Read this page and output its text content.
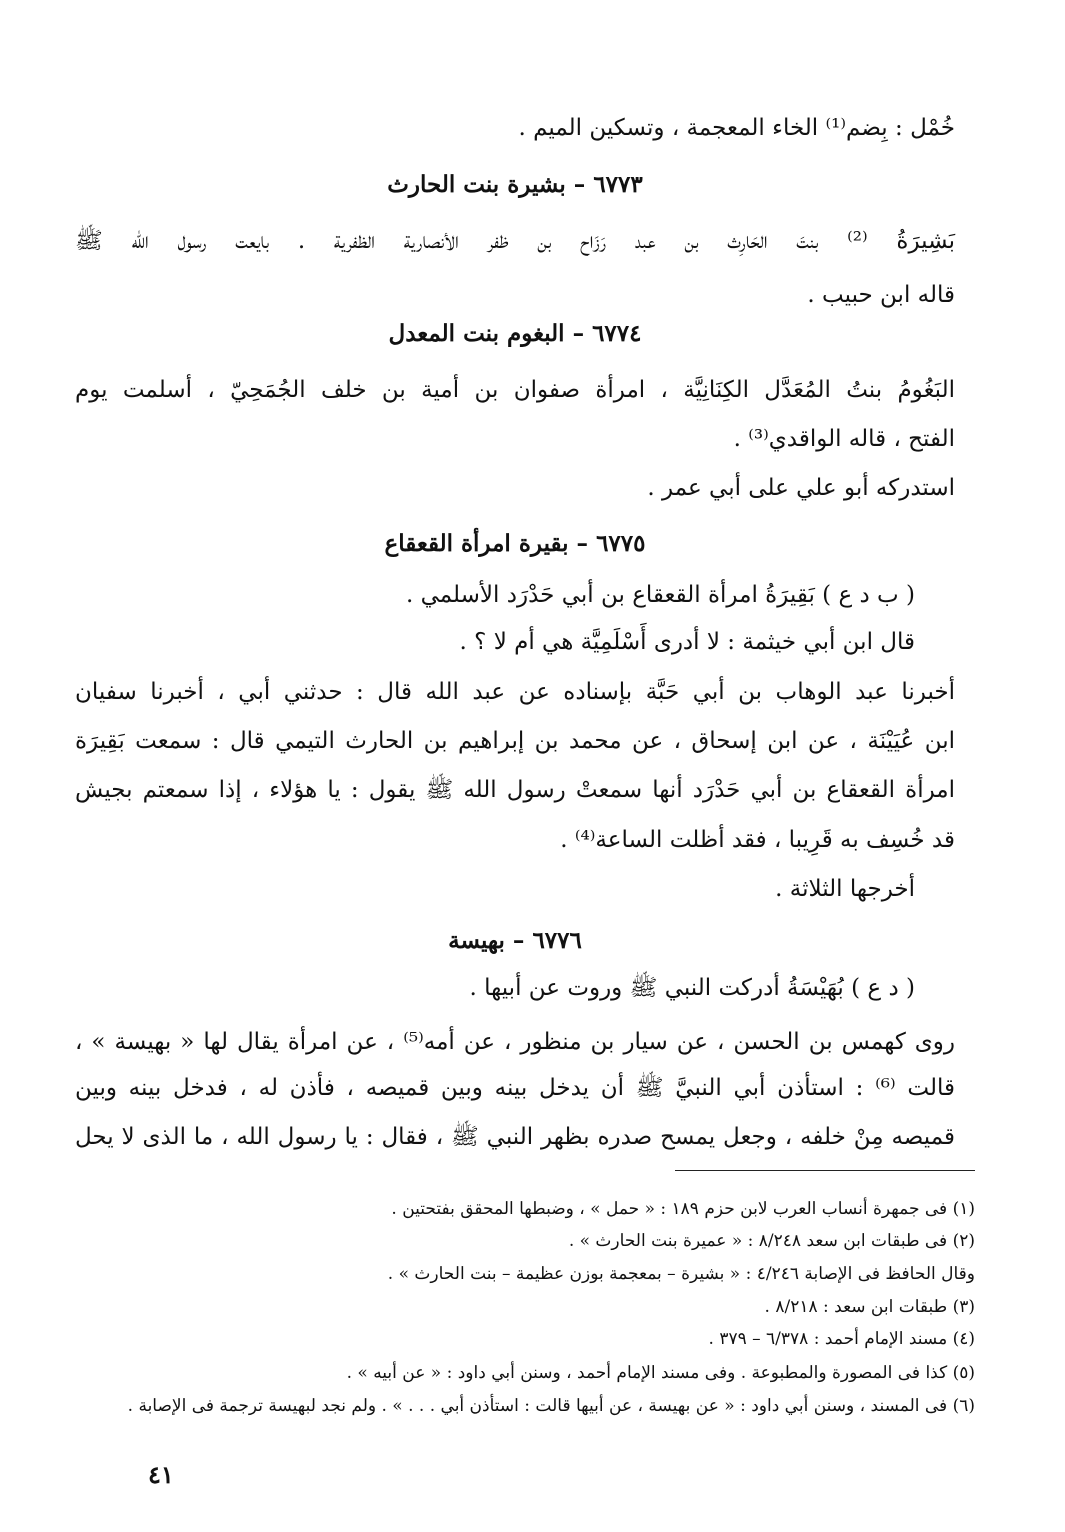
خُمْل : بِضم⁽¹⁾ الخاء المعجمة ، وتسكين الميم .
٦٧٧٣ – بشيرة بنت الحارث
بَشِيرَةُ ⁽²⁾ بنتَ الحَارِث بن عبد رَزَاح بن ظفر الأنصارية الظفرية . بايعت رسول الله ﷺ
قاله ابن حبيب .
٦٧٧٤ – البغوم بنت المعدل
البَغُومُ بنتُ المُعَدَّل الكِنَانِيَّة ، امرأة صفوان بن أمية بن خلف الجُمَحِيّ ، أسلمت يوم
الفتح ، قاله الواقدي⁽³⁾ .
استدركه أبو علي على أبي عمر .
٦٧٧٥ – بقيرة امرأة القعقاع
( ب د ع ) بَقِيرَةُ امرأة القعقاع بن أبي حَدْرَد الأسلمي .
قال ابن أبي خيثمة : لا أدرى أَسْلَمِيَّة هي أم لا ؟ .
أخبرنا عبد الوهاب بن أبي حَبَّة بإسناده عن عبد الله قال : حدثني أبي ، أخبرنا سفيان
ابن عُيَيْنَة ، عن ابن إسحاق ، عن محمد بن إبراهيم بن الحارث التيمي قال : سمعت بَقِيرَة
امرأة القعقاع بن أبي حَدْرَد أنها سمعتْ رسول الله ﷺ يقول : يا هؤلاء ، إذا سمعتم بجيش
قد خُسِف به قَرِيبا ، فقد أظلت الساعة⁽⁴⁾ .
أخرجها الثلاثة .
٦٧٧٦ – بهيسة
( د ع ) بُهَيْسَةُ أدركت النبي ﷺ وروت عن أبيها .
روى كهمس بن الحسن ، عن سيار بن منظور ، عن أمه⁽⁵⁾ ، عن امرأة يقال لها « بهيسة » ،
قالت ⁽⁶⁾ : استأذن أبي النبيَّ ﷺ أن يدخل بينه وبين قميصه ، فأذن له ، فدخل بينه وبين
قميصه مِنْ خلفه ، وجعل يمسح صدره بظهر النبي ﷺ ، فقال : يا رسول الله ، ما الذى لا يحل
(١) فى جمهرة أنساب العرب لابن حزم ١٨٩ : « حمل » ، وضبطها المحقق بفتحتين .
(٢) فى طبقات ابن سعد ٨/٢٤٨ : « عميرة بنت الحارث » .
وقال الحافظ فى الإصابة ٤/٢٤٦ : « بشيرة – بمعجمة بوزن عظيمة – بنت الحارث » .
(٣) طبقات ابن سعد : ٨/٢١٨ .
(٤) مسند الإمام أحمد : ٦/٣٧٨ – ٣٧٩ .
(٥) كذا فى المصورة والمطبوعة . وفى مسند الإمام أحمد ، وسنن أبي داود : « عن أبيه » .
(٦) فى المسند ، وسنن أبي داود : « عن بهيسة ، عن أبيها قالت : استأذن أبي . . . » . ولم نجد لبهيسة ترجمة فى الإصابة .
٤١
